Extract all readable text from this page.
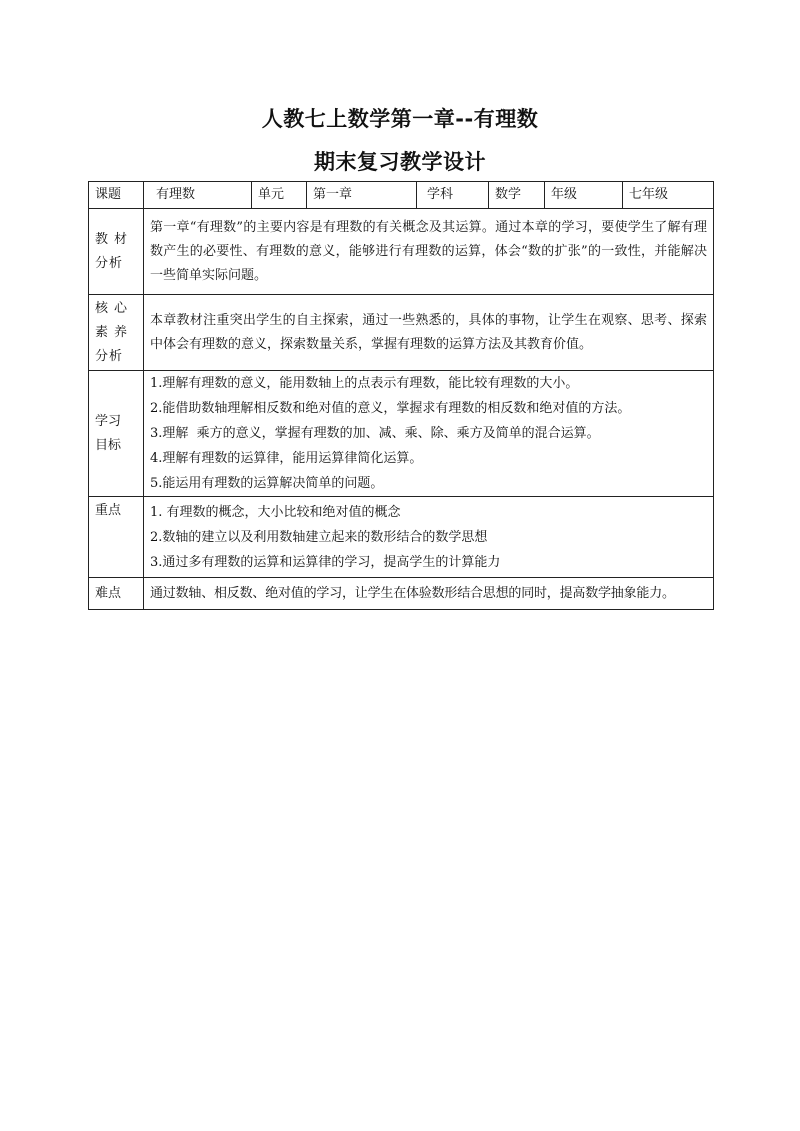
人教七上数学第一章--有理数
期末复习教学设计
课题	有理数	单元	第一章	学科	数学	年级	七年级

教材
分析	第一章“有理数”的主要内容是有理数的有关概念及其运算。通过本章的学习，要使学生了解有理数产生的必要性、有理数的意义，能够进行有理数的运算，体会“数的扩张”的一致性，并能解决一些简单实际问题。						

核心
素养
分析	本章教材注重突出学生的自主探索，通过一些熟悉的，具体的事物，让学生在观察、思考、探索中体会有理数的意义，探索数量关系，掌握有理数的运算方法及其教育价值。						

学习
目标	1.理解有理数的意义，能用数轴上的点表示有理数，能比较有理数的大小。
2.能借助数轴理解相反数和绝对值的意义，掌握求有理数的相反数和绝对值的方法。
3.理解  乘方的意义，掌握有理数的加、减、乘、除、乘方及简单的混合运算。
4.理解有理数的运算律，能用运算律简化运算。
5.能运用有理数的运算解决简单的问题。						

重点	1. 有理数的概念，大小比较和绝对值的概念
2.数轴的建立以及利用数轴建立起来的数形结合的数学思想
3.通过多有理数的运算和运算律的学习，提高学生的计算能力						

难点	通过数轴、相反数、绝对值的学习，让学生在体验数形结合思想的同时，提高数学抽象能力。						
